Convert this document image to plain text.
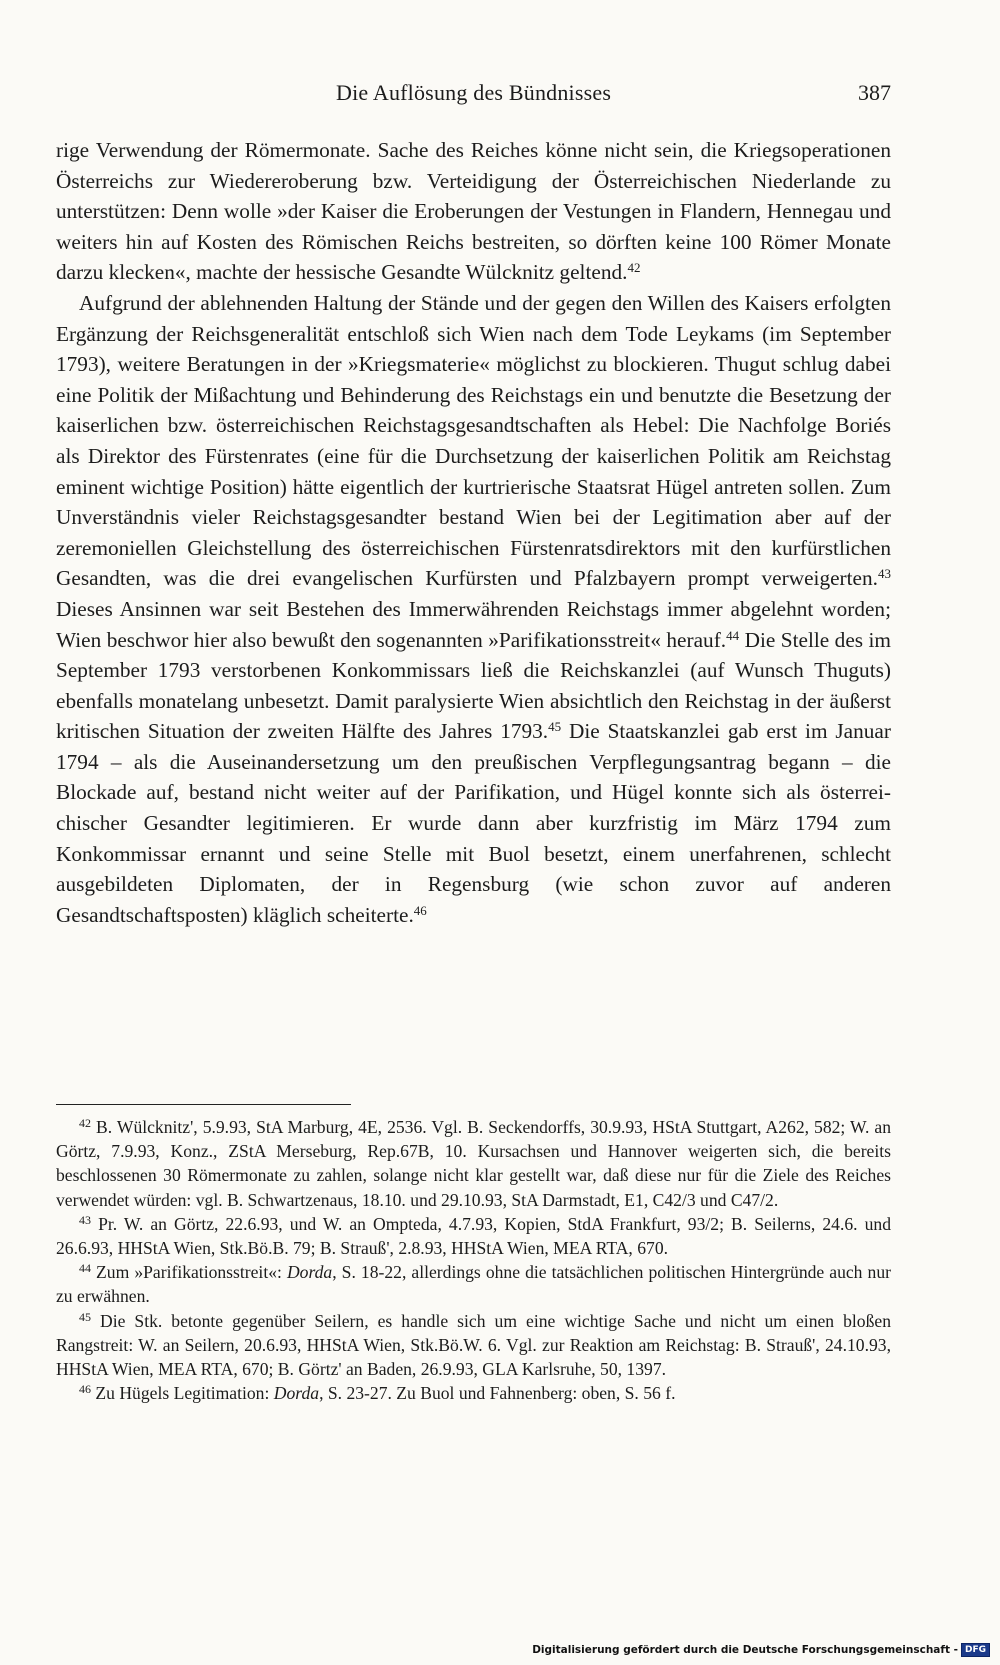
Die Auflösung des Bündnisses	387

rige Verwendung der Römermonate. Sache des Reiches könne nicht sein, die Kriegsoperationen Österreichs zur Wiedereroberung bzw. Verteidigung der Österreichischen Niederlande zu unterstützen: Denn wolle »der Kaiser die Eroberungen der Vestungen in Flandern, Hennegau und weiters hin auf Kosten des Römischen Reichs bestreiten, so dörften keine 100 Römer Monate darzu klecken«, machte der hessische Gesandte Wülcknitz geltend.$^{42}$

Aufgrund der ablehnenden Haltung der Stände und der gegen den Willen des Kaisers erfolgten Ergänzung der Reichsgeneralität entschloß sich Wien nach dem Tode Leykams (im September 1793), weitere Beratungen in der »Kriegsmaterie« möglichst zu blockieren. Thugut schlug dabei eine Politik der Mißachtung und Behinderung des Reichstags ein und benutzte die Besetzung der kaiserlichen bzw. österreichischen Reichstagsgesandtschaften als Hebel: Die Nachfolge Boriés als Direktor des Fürstenrates (eine für die Durchsetzung der kaiserlichen Politik am Reichstag eminent wichtige Position) hätte eigentlich der kurtrierische Staatsrat Hügel antreten sollen. Zum Unverständnis vieler Reichstagsgesandter bestand Wien bei der Legitimation aber auf der zeremoniellen Gleichstellung des österreichischen Fürstenratsdirektors mit den kurfürstlichen Gesandten, was die drei evangelischen Kurfürsten und Pfalzbayern prompt verweigerten.$^{43}$ Dieses Ansinnen war seit Bestehen des Immerwährenden Reichstags immer abgelehnt worden; Wien beschwor hier also bewußt den sogenannten »Parifikationsstreit« herauf.$^{44}$ Die Stelle des im September 1793 verstorbenen Konkommissars ließ die Reichskanzlei (auf Wunsch Thuguts) ebenfalls monatelang unbesetzt. Damit paralysierte Wien absichtlich den Reichstag in der äußerst kritischen Situation der zweiten Hälfte des Jahres 1793.45 Die Staatskanzlei gab erst im Januar 1794 – als die Auseinandersetzung um den preußischen Verpflegungsantrag begann – die Blockade auf, bestand nicht weiter auf der Parifikation, und Hügel konnte sich als österreichischer Gesandter legitimieren. Er wurde dann aber kurzfristig im März 1794 zum Konkommissar ernannt und seine Stelle mit Buol besetzt, einem unerfahrenen, schlecht ausgebildeten Diplomaten, der in Regensburg (wie schon zuvor auf anderen Gesandtschaftsposten) kläglich scheiterte.$^{46}$

$^{42}$ B. Wülcknitz', 5.9.93, StA Marburg, 4E, 2536. Vgl. B. Seckendorffs, 30.9.93, HStA Stuttgart, A262, 582; W. an Görtz, 7.9.93, Konz., ZStA Merseburg, Rep.67B, 10. Kursachsen und Hannover weigerten sich, die bereits beschlossenen 30 Römermonate zu zahlen, solange nicht klar gestellt war, daß diese nur für die Ziele des Reiches verwendet würden: vgl. B. Schwartzenaus, 18.10. und 29.10.93, StA Darmstadt, E1, C42/3 und C47/2.

$^{43}$ Pr. W. an Görtz, 22.6.93, und W. an Ompteda, 4.7.93, Kopien, StdA Frankfurt, 93/2; B. Seilerns, 24.6. und 26.6.93, HHStA Wien, Stk.Bö.B. 79; B. Strauß', 2.8.93, HHStA Wien, MEA RTA, 670.

$^{44}$ Zum »Parifikationsstreit«: Dorda, S. 18-22, allerdings ohne die tatsächlichen politischen Hintergründe auch nur zu erwähnen.

$^{45}$ Die Stk. betonte gegenüber Seilern, es handle sich um eine wichtige Sache und nicht um einen bloßen Rangstreit: W. an Seilern, 20.6.93, HHStA Wien, Stk.Bö.W. 6. Vgl. zur Reaktion am Reichstag: B. Strauß', 24.10.93, HHStA Wien, MEA RTA, 670; B. Görtz' an Baden, 26.9.93, GLA Karlsruhe, 50, 1397.

$^{46}$ Zu Hügels Legitimation: Dorda, S. 23-27. Zu Buol und Fahnenberg: oben, S. 56 f.

Digitalisierung gefördert durch die Deutsche Forschungsgemeinschaft - DFG
